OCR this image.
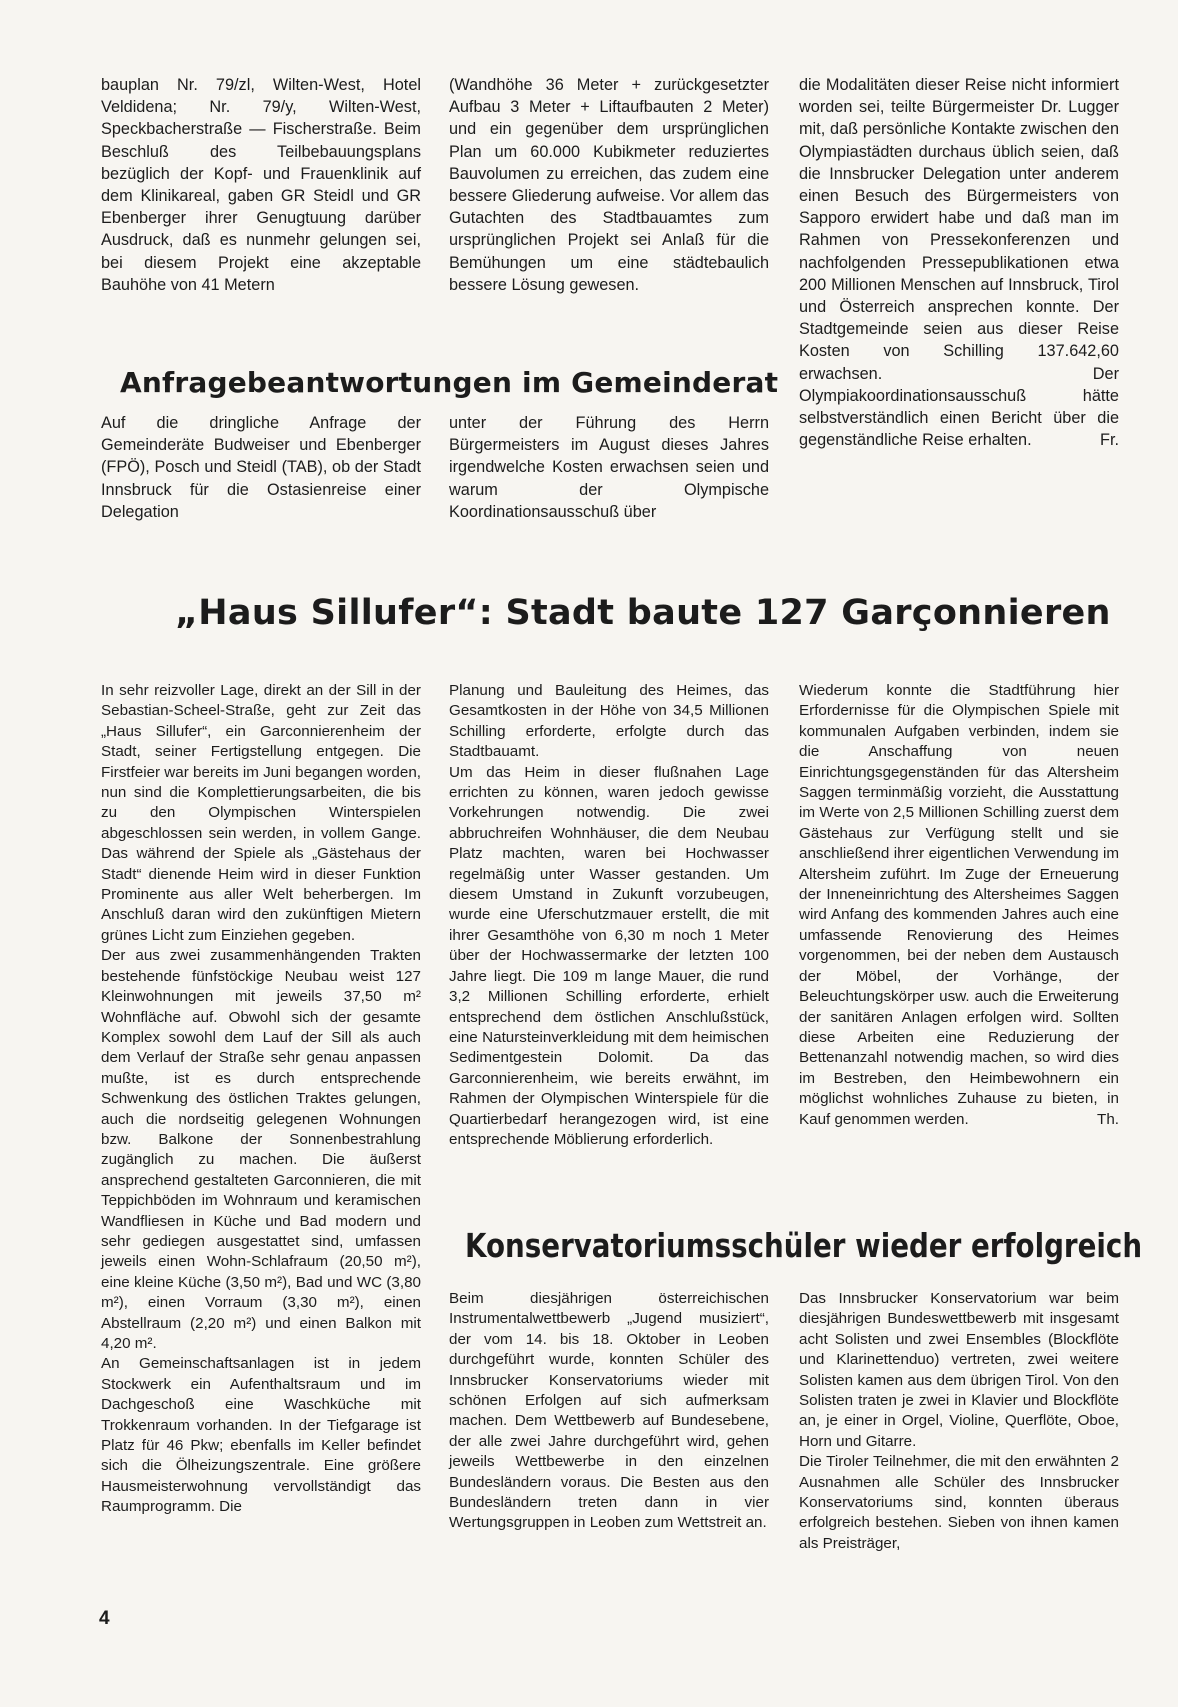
bauplan Nr. 79/zl, Wilten-West, Hotel Veldidena; Nr. 79/y, Wilten-West, Speckbacherstraße — Fischerstraße. Beim Beschluß des Teilbebauungsplans bezüglich der Kopf- und Frauenklinik auf dem Klinikareal, gaben GR Steidl und GR Ebenberger ihrer Genugtuung darüber Ausdruck, daß es nunmehr gelungen sei, bei diesem Projekt eine akzeptable Bauhöhe von 41 Metern

(Wandhöhe 36 Meter + zurückgesetzter Aufbau 3 Meter + Liftaufbauten 2 Meter) und ein gegenüber dem ursprünglichen Plan um 60.000 Kubikmeter reduziertes Bauvolumen zu erreichen, das zudem eine bessere Gliederung aufweise. Vor allem das Gutachten des Stadtbauamtes zum ursprünglichen Projekt sei Anlaß für die Bemühungen um eine städtebaulich bessere Lösung gewesen.

die Modalitäten dieser Reise nicht informiert worden sei, teilte Bürgermeister Dr. Lugger mit, daß persönliche Kontakte zwischen den Olympiastädten durchaus üblich seien, daß die Innsbrucker Delegation unter anderem einen Besuch des Bürgermeisters von Sapporo erwidert habe und daß man im Rahmen von Pressekonferenzen und nachfolgenden Pressepublikationen etwa 200 Millionen Menschen auf Innsbruck, Tirol und Österreich ansprechen konnte. Der Stadtgemeinde seien aus dieser Reise Kosten von Schilling 137.642,60 erwachsen. Der Olympiakoordinationsausschuß hätte selbstverständlich einen Bericht über die gegenständliche Reise erhalten.	Fr.

Anfragebeantwortungen im Gemeinderat

Auf die dringliche Anfrage der Gemeinderäte Budweiser und Ebenberger (FPÖ), Posch und Steidl (TAB), ob der Stadt Innsbruck für die Ostasienreise einer Delegation

unter der Führung des Herrn Bürgermeisters im August dieses Jahres irgendwelche Kosten erwachsen seien und warum der Olympische Koordinationsausschuß über

„Haus Sillufer“: Stadt baute 127 Garçonnieren

In sehr reizvoller Lage, direkt an der Sill in der Sebastian-Scheel-Straße, geht zur Zeit das „Haus Sillufer“, ein Garconnierenheim der Stadt, seiner Fertigstellung entgegen. Die Firstfeier war bereits im Juni begangen worden, nun sind die Komplettierungsarbeiten, die bis zu den Olympischen Winterspielen abgeschlossen sein werden, in vollem Gange. Das während der Spiele als „Gästehaus der Stadt“ dienende Heim wird in dieser Funktion Prominente aus aller Welt beherbergen. Im Anschluß daran wird den zukünftigen Mietern grünes Licht zum Einziehen gegeben.

Der aus zwei zusammenhängenden Trakten bestehende fünfstöckige Neubau weist 127 Kleinwohnungen mit jeweils 37,50 m² Wohnfläche auf. Obwohl sich der gesamte Komplex sowohl dem Lauf der Sill als auch dem Verlauf der Straße sehr genau anpassen mußte, ist es durch entsprechende Schwenkung des östlichen Traktes gelungen, auch die nordseitig gelegenen Wohnungen bzw. Balkone der Sonnenbestrahlung zugänglich zu machen. Die äußerst ansprechend gestalteten Garconnieren, die mit Teppichböden im Wohnraum und keramischen Wandfliesen in Küche und Bad modern und sehr gediegen ausgestattet sind, umfassen jeweils einen Wohn-Schlafraum (20,50 m²), eine kleine Küche (3,50 m²), Bad und WC (3,80 m²), einen Vorraum (3,30 m²), einen Abstellraum (2,20 m²) und einen Balkon mit 4,20 m².

An Gemeinschaftsanlagen ist in jedem Stockwerk ein Aufenthaltsraum und im Dachgeschoß eine Waschküche mit Trokkenraum vorhanden. In der Tiefgarage ist Platz für 46 Pkw; ebenfalls im Keller befindet sich die Ölheizungszentrale. Eine größere Hausmeisterwohnung vervollständigt das Raumprogramm. Die

Planung und Bauleitung des Heimes, das Gesamtkosten in der Höhe von 34,5 Millionen Schilling erforderte, erfolgte durch das Stadtbauamt.

Um das Heim in dieser flußnahen Lage errichten zu können, waren jedoch gewisse Vorkehrungen notwendig. Die zwei abbruchreifen Wohnhäuser, die dem Neubau Platz machten, waren bei Hochwasser regelmäßig unter Wasser gestanden. Um diesem Umstand in Zukunft vorzubeugen, wurde eine Uferschutzmauer erstellt, die mit ihrer Gesamthöhe von 6,30 m noch 1 Meter über der Hochwassermarke der letzten 100 Jahre liegt. Die 109 m lange Mauer, die rund 3,2 Millionen Schilling erforderte, erhielt entsprechend dem östlichen Anschlußstück, eine Natursteinverkleidung mit dem heimischen Sedimentgestein Dolomit. Da das Garconnierenheim, wie bereits erwähnt, im Rahmen der Olympischen Winterspiele für die Quartierbedarf herangezogen wird, ist eine entsprechende Möblierung erforderlich.

Wiederum konnte die Stadtführung hier Erfordernisse für die Olympischen Spiele mit kommunalen Aufgaben verbinden, indem sie die Anschaffung von neuen Einrichtungsgegenständen für das Altersheim Saggen terminmäßig vorzieht, die Ausstattung im Werte von 2,5 Millionen Schilling zuerst dem Gästehaus zur Verfügung stellt und sie anschließend ihrer eigentlichen Verwendung im Altersheim zuführt. Im Zuge der Erneuerung der Inneneinrichtung des Altersheimes Saggen wird Anfang des kommenden Jahres auch eine umfassende Renovierung des Heimes vorgenommen, bei der neben dem Austausch der Möbel, der Vorhänge, der Beleuchtungskörper usw. auch die Erweiterung der sanitären Anlagen erfolgen wird. Sollten diese Arbeiten eine Reduzierung der Bettenanzahl notwendig machen, so wird dies im Bestreben, den Heimbewohnern ein möglichst wohnliches Zuhause zu bieten, in Kauf genommen werden.	Th.

Konservatoriumsschüler wieder erfolgreich

Beim diesjährigen österreichischen Instrumentalwettbewerb „Jugend musiziert“, der vom 14. bis 18. Oktober in Leoben durchgeführt wurde, konnten Schüler des Innsbrucker Konservatoriums wieder mit schönen Erfolgen auf sich aufmerksam machen. Dem Wettbewerb auf Bundesebene, der alle zwei Jahre durchgeführt wird, gehen jeweils Wettbewerbe in den einzelnen Bundesländern voraus. Die Besten aus den Bundesländern treten dann in vier Wertungsgruppen in Leoben zum Wettstreit an.

Das Innsbrucker Konservatorium war beim diesjährigen Bundeswettbewerb mit insgesamt acht Solisten und zwei Ensembles (Blockflöte und Klarinettenduo) vertreten, zwei weitere Solisten kamen aus dem übrigen Tirol. Von den Solisten traten je zwei in Klavier und Blockflöte an, je einer in Orgel, Violine, Querflöte, Oboe, Horn und Gitarre.

Die Tiroler Teilnehmer, die mit den erwähnten 2 Ausnahmen alle Schüler des Innsbrucker Konservatoriums sind, konnten überaus erfolgreich bestehen. Sieben von ihnen kamen als Preisträger,

4
